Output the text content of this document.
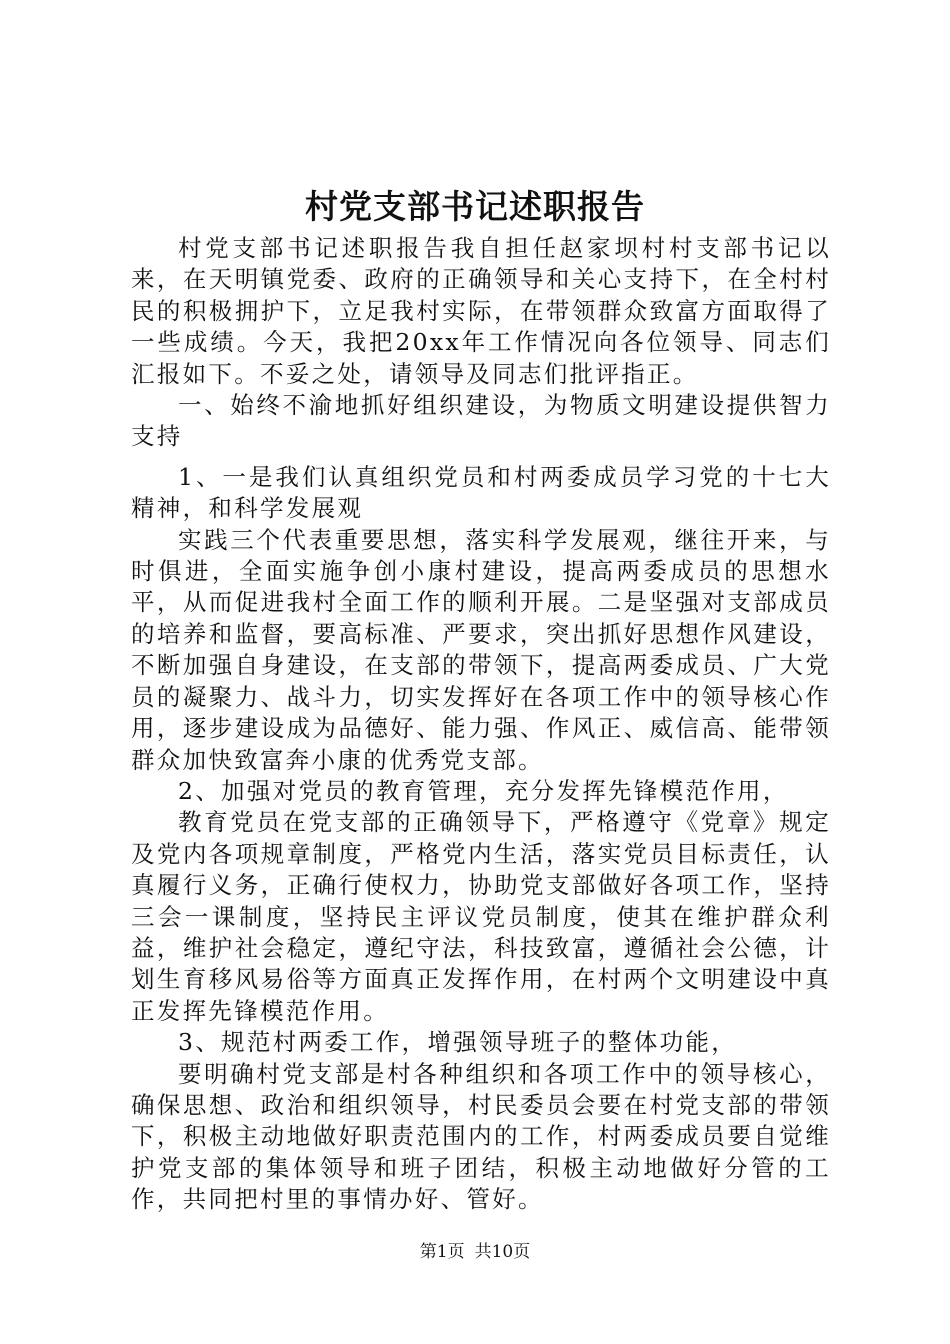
村党支部书记述职报告

村党支部书记述职报告我自担任赵家坝村村支部书记以来，在天明镇党委、政府的正确领导和关心支持下，在全村村民的积极拥护下，立足我村实际，在带领群众致富方面取得了一些成绩。今天，我把20xx年工作情况向各位领导、同志们汇报如下。不妥之处，请领导及同志们批评指正。

一、始终不渝地抓好组织建设，为物质文明建设提供智力支持

1、一是我们认真组织党员和村两委成员学习党的十七大精神，和科学发展观

实践三个代表重要思想，落实科学发展观，继往开来，与时俱进，全面实施争创小康村建设，提高两委成员的思想水平，从而促进我村全面工作的顺利开展。二是坚强对支部成员的培养和监督，要高标准、严要求，突出抓好思想作风建设，不断加强自身建设，在支部的带领下，提高两委成员、广大党员的凝聚力、战斗力，切实发挥好在各项工作中的领导核心作用，逐步建设成为品德好、能力强、作风正、威信高、能带领群众加快致富奔小康的优秀党支部。

2、加强对党员的教育管理，充分发挥先锋模范作用，

教育党员在党支部的正确领导下，严格遵守《党章》规定及党内各项规章制度，严格党内生活，落实党员目标责任，认真履行义务，正确行使权力，协助党支部做好各项工作，坚持三会一课制度，坚持民主评议党员制度，使其在维护群众利益，维护社会稳定，遵纪守法，科技致富，遵循社会公德，计划生育移风易俗等方面真正发挥作用，在村两个文明建设中真正发挥先锋模范作用。

3、规范村两委工作，增强领导班子的整体功能，

要明确村党支部是村各种组织和各项工作中的领导核心，确保思想、政治和组织领导，村民委员会要在村党支部的带领下，积极主动地做好职责范围内的工作，村两委成员要自觉维护党支部的集体领导和班子团结，积极主动地做好分管的工作，共同把村里的事情办好、管好。

第1页 共10页
